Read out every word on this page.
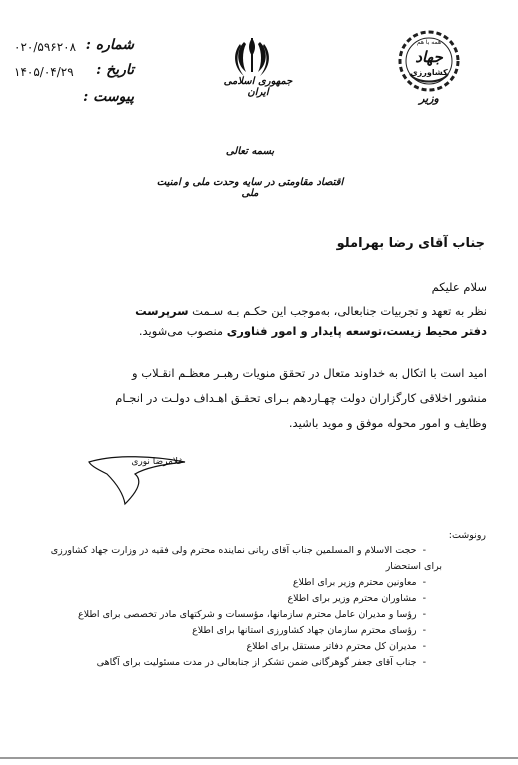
۰۲۰/۵۹۶۲۰۸ شماره :
۱۴۰۵/۰۴/۲۹	تاریخ :
پیوست :
جمهوری اسلامی ایران
همه با هم
جهاد
کشاورزی
وزیر
بسمه تعالی
اقتصاد مقاومتی در سایه وحدت ملی و امنیت ملی
جناب آقای رضا بهراملو
سلام علیکم
نظر به تعهد و تجربیات جنابعالی، به‌موجب این حکـم بـه سـمت سرپرست
دفتر محیط زیست،توسعه پایدار و امور فناوری منصوب می‌شوید.
امید است با اتکال به خداوند متعال در تحقق منویات رهبـر معظـم انقـلاب و
منشور اخلاقی کارگزاران دولت چهـاردهم بـرای تحقـق اهـداف دولـت در انجـام
وظایف و امور محوله موفق و موید باشید.
غلامرضا نوری
رونوشت:
-
حجت الاسلام و المسلمین جناب آقای ربانی نماینده محترم ولی فقیه در وزارت جهاد کشاورزی
برای استحضار
-
معاونین محترم وزیر برای اطلاع
-
مشاوران محترم وزیر برای اطلاع
-
رؤسا و مدیران عامل محترم سازمانها، مؤسسات و شرکتهای مادر تخصصی برای اطلاع
-
رؤسای محترم سازمان جهاد کشاورزی استانها برای اطلاع
-
مدیران کل محترم دفاتر مستقل برای اطلاع
-
جناب آقای جعفر گوهرگانی ضمن تشکر از جنابعالی در مدت مسئولیت برای آگاهی
